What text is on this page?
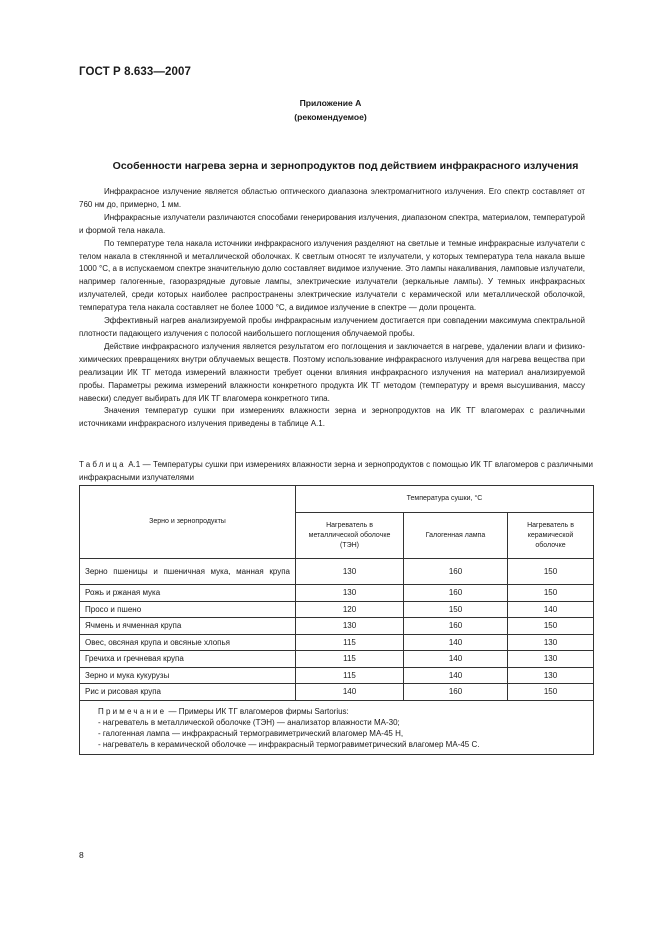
ГОСТ Р 8.633—2007
Приложение А
(рекомендуемое)
Особенности нагрева зерна и зернопродуктов под действием инфракрасного излучения

Инфракрасное излучение является областью оптического диапазона электромагнитного излучения. Его спектр составляет от 760 нм до, примерно, 1 мм.

Инфракрасные излучатели различаются способами генерирования излучения, диапазоном спектра, материалом, температурой и формой тела накала.

По температуре тела накала источники инфракрасного излучения разделяют на светлые и темные инфракрасные излучатели с телом накала в стеклянной и металлической оболочках. К светлым относят те излучатели, у которых температура тела накала выше 1000 °С, а в испускаемом спектре значительную долю составляет видимое излучение. Это лампы накаливания, ламповые излучатели, например галогенные, газоразрядные дуговые лампы, электрические излучатели (зеркальные лампы). У темных инфракрасных излучателей, среди которых наиболее распространены электрические излучатели с керамической или металлической оболочкой, температура тела накала составляет не более 1000 °С, а видимое излучение в спектре — доли процента.

Эффективный нагрев анализируемой пробы инфракрасным излучением достигается при совпадении максимума спектральной плотности падающего излучения с полосой наибольшего поглощения облучаемой пробы.

Действие инфракрасного излучения является результатом его поглощения и заключается в нагреве, удалении влаги и физико-химических превращениях внутри облучаемых веществ. Поэтому использование инфракрасного излучения для нагрева вещества при реализации ИК ТГ метода измерений влажности требует оценки влияния инфракрасного излучения на материал анализируемой пробы. Параметры режима измерений влажности конкретного продукта ИК ТГ методом (температуру и время высушивания, массу навески) следует выбирать для ИК ТГ влагомера конкретного типа.

Значения температур сушки при измерениях влажности зерна и зернопродуктов на ИК ТГ влагомерах с различными источниками инфракрасного излучения приведены в таблице А.1.

Таблица А.1 — Температуры сушки при измерениях влажности зерна и зернопродуктов с помощью ИК ТГ влагомеров с различными инфракрасными излучателями
Зерно и зернопродукты	Температура сушки, °С		
	Нагреватель в металлической оболочке (ТЭН)	Галогенная лампа	Нагреватель в керамической оболочке
Зерно пшеницы и пшеничная мука, манная крупа	130	160	150
Рожь и ржаная мука	130	160	150
Просо и пшено	120	150	140
Ячмень и ячменная крупа	130	160	150
Овес, овсяная крупа и овсяные хлопья	115	140	130
Гречиха и гречневая крупа	115	140	130
Зерно и мука кукурузы	115	140	130
Рис и рисовая крупа	140	160	150

Примечание — Примеры ИК ТГ влагомеров фирмы Sartorius:
- нагреватель в металлической оболочке (ТЭН) — анализатор влажности МА-30;
- галогенная лампа — инфракрасный термогравиметрический влагомер МА-45 Н,
- нагреватель в керамической оболочке — инфракрасный термогравиметрический влагомер МА-45 С.			
8
